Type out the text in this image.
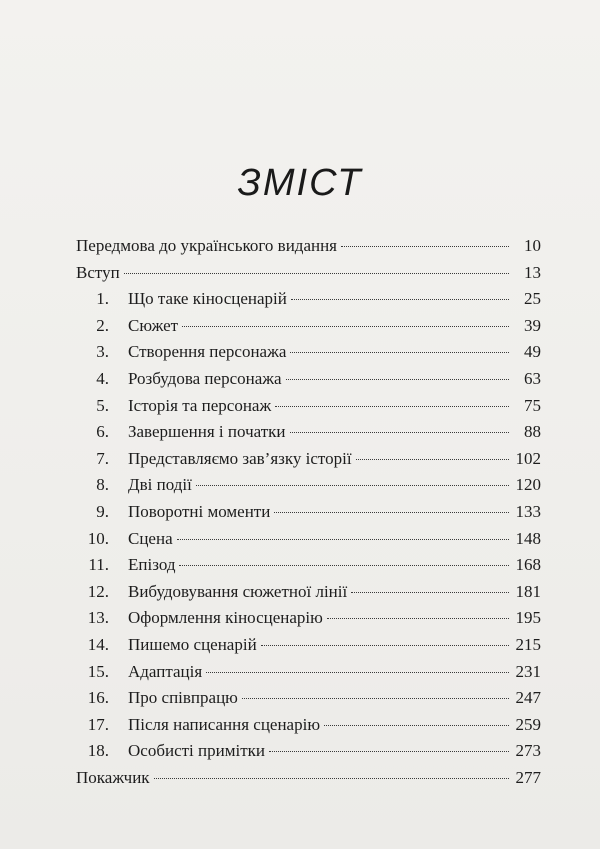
ЗМІСТ
Передмова до українського видання	10
Вступ	13
1. Що таке кіносценарій	25
2. Сюжет	39
3. Створення персонажа	49
4. Розбудова персонажа	63
5. Історія та персонаж	75
6. Завершення і початки	88
7. Представляємо зав’язку історії	102
8. Дві події	120
9. Поворотні моменти	133
10. Сцена	148
11. Епізод	168
12. Вибудовування сюжетної лінії	181
13. Оформлення кіносценарію	195
14. Пишемо сценарій	215
15. Адаптація	231
16. Про співпрацю	247
17. Після написання сценарію	259
18. Особисті примітки	273
Покажчик	277
